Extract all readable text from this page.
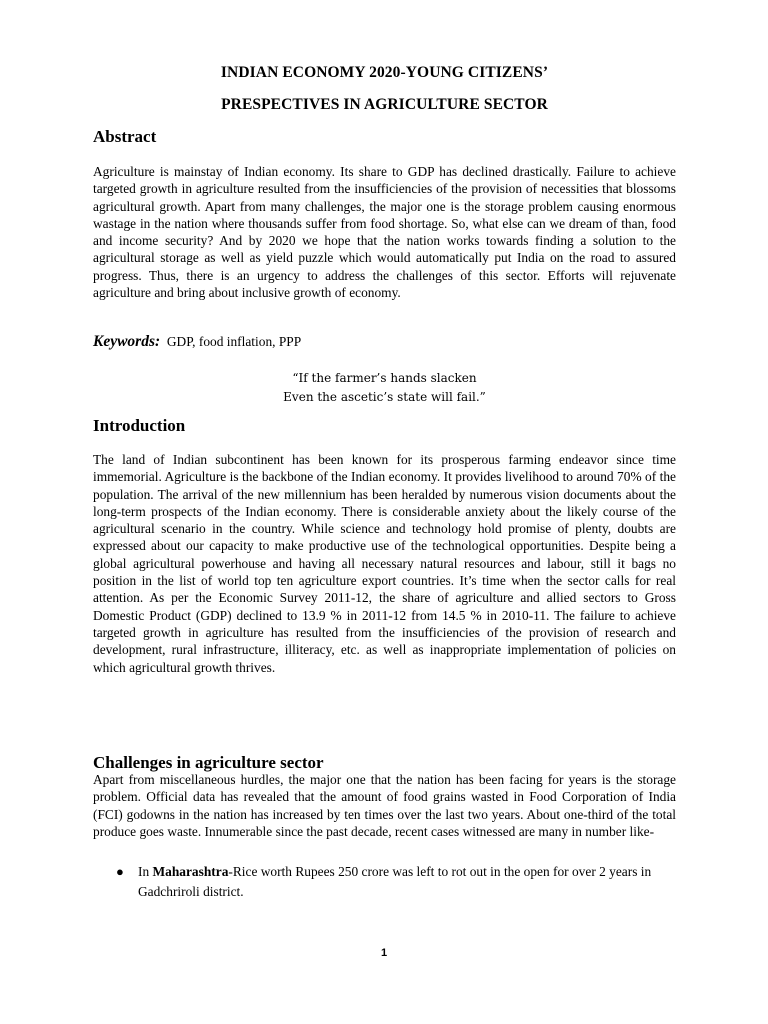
INDIAN ECONOMY 2020-YOUNG CITIZENS’
PRESPECTIVES IN AGRICULTURE SECTOR
Abstract

Agriculture is mainstay of Indian economy. Its share to GDP has declined drastically. Failure to achieve targeted growth in agriculture resulted from the insufficiencies of the provision of necessities that blossoms agricultural growth. Apart from many challenges, the major one is the storage problem causing enormous wastage in the nation where thousands suffer from food shortage. So, what else can we dream of than, food and income security? And by 2020 we hope that the nation works towards finding a solution to the agricultural storage as well as yield puzzle which would automatically put India on the road to assured progress. Thus, there is an urgency to address the challenges of this sector. Efforts will rejuvenate agriculture and bring about inclusive growth of economy.

Keywords: GDP, food inflation, PPP
“If the farmer’s hands slacken
Even the ascetic’s state will fail.”
Introduction

The land of Indian subcontinent has been known for its prosperous farming endeavor since time immemorial. Agriculture is the backbone of the Indian economy. It provides livelihood to around 70% of the population. The arrival of the new millennium has been heralded by numerous vision documents about the long-term prospects of the Indian economy. There is considerable anxiety about the likely course of the agricultural scenario in the country. While science and technology hold promise of plenty, doubts are expressed about our capacity to make productive use of the technological opportunities. Despite being a global agricultural powerhouse and having all necessary natural resources and labour, still it bags no position in the list of world top ten agriculture export countries. It’s time when the sector calls for real attention. As per the Economic Survey 2011-12, the share of agriculture and allied sectors to Gross Domestic Product (GDP) declined to 13.9 % in 2011-12 from 14.5 % in 2010-11. The failure to achieve targeted growth in agriculture has resulted from the insufficiencies of the provision of research and development, rural infrastructure, illiteracy, etc. as well as inappropriate implementation of policies on which agricultural growth thrives.

Challenges in agriculture sector

Apart from miscellaneous hurdles, the major one that the nation has been facing for years is the storage problem. Official data has revealed that the amount of food grains wasted in Food Corporation of India (FCI) godowns in the nation has increased by ten times over the last two years. About one-third of the total produce goes waste. Innumerable since the past decade, recent cases witnessed are many in number like-

● In Maharashtra-Rice worth Rupees 250 crore was left to rot out in the open for over 2 years in Gadchriroli district.
1
